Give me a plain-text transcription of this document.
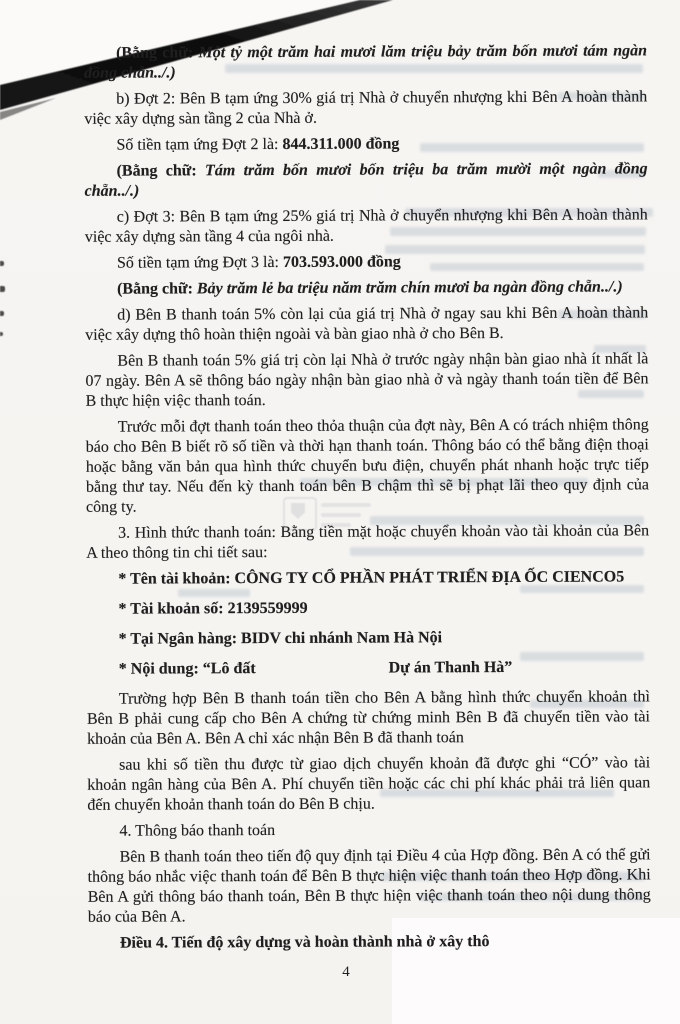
(Bằng chữ: Một tỷ một trăm hai mươi lăm triệu bảy trăm bốn mươi tám ngàn đồng chẵn../.)

b) Đợt 2: Bên B tạm ứng 30% giá trị Nhà ở chuyển nhượng khi Bên A hoàn thành việc xây dựng sàn tầng 2 của Nhà ở.

Số tiền tạm ứng Đợt 2 là: 844.311.000 đồng

(Bằng chữ: Tám trăm bốn mươi bốn triệu ba trăm mười một ngàn đồng chẵn../.)

c) Đợt 3: Bên B tạm ứng 25% giá trị Nhà ở chuyển nhượng khi Bên A hoàn thành việc xây dựng sàn tầng 4 của ngôi nhà.

Số tiền tạm ứng Đợt 3 là: 703.593.000 đồng

(Bằng chữ: Bảy trăm lẻ ba triệu năm trăm chín mươi ba ngàn đồng chẵn../.)

d) Bên B thanh toán 5% còn lại của giá trị Nhà ở ngay sau khi Bên A hoàn thành việc xây dựng thô hoàn thiện ngoài và bàn giao nhà ở cho Bên B.

Bên B thanh toán 5% giá trị còn lại Nhà ở trước ngày nhận bàn giao nhà ít nhất là 07 ngày. Bên A sẽ thông báo ngày nhận bàn giao nhà ở và ngày thanh toán tiền để Bên B thực hiện việc thanh toán.

Trước mỗi đợt thanh toán theo thỏa thuận của đợt này, Bên A có trách nhiệm thông báo cho Bên B biết rõ số tiền và thời hạn thanh toán. Thông báo có thể bằng điện thoại hoặc bằng văn bản qua hình thức chuyển bưu điện, chuyển phát nhanh hoặc trực tiếp bằng thư tay. Nếu đến kỳ thanh toán bên B chậm thì sẽ bị phạt lãi theo quy định của công ty.

3. Hình thức thanh toán: Bằng tiền mặt hoặc chuyển khoản vào tài khoản của Bên A theo thông tin chi tiết sau:

* Tên tài khoản: CÔNG TY CỔ PHẦN PHÁT TRIỂN ĐỊA ỐC CIENCO5

* Tài khoản số: 2139559999

* Tại Ngân hàng: BIDV chi nhánh Nam Hà Nội

* Nội dung: “Lô đất	Dự án Thanh Hà”

Trường hợp Bên B thanh toán tiền cho Bên A bằng hình thức chuyển khoản thì Bên B phải cung cấp cho Bên A chứng từ chứng minh Bên B đã chuyển tiền vào tài khoản của Bên A. Bên A chỉ xác nhận Bên B đã thanh toán

sau khi số tiền thu được từ giao dịch chuyển khoản đã được ghi “CÓ” vào tài khoản ngân hàng của Bên A. Phí chuyển tiền hoặc các chi phí khác phải trả liên quan đến chuyển khoản thanh toán do Bên B chịu.

4. Thông báo thanh toán

Bên B thanh toán theo tiến độ quy định tại Điều 4 của Hợp đồng. Bên A có thể gửi thông báo nhắc việc thanh toán để Bên B thực hiện việc thanh toán theo Hợp đồng. Khi Bên A gửi thông báo thanh toán, Bên B thực hiện việc thanh toán theo nội dung thông báo của Bên A.

Điều 4. Tiến độ xây dựng và hoàn thành nhà ở xây thô

4
